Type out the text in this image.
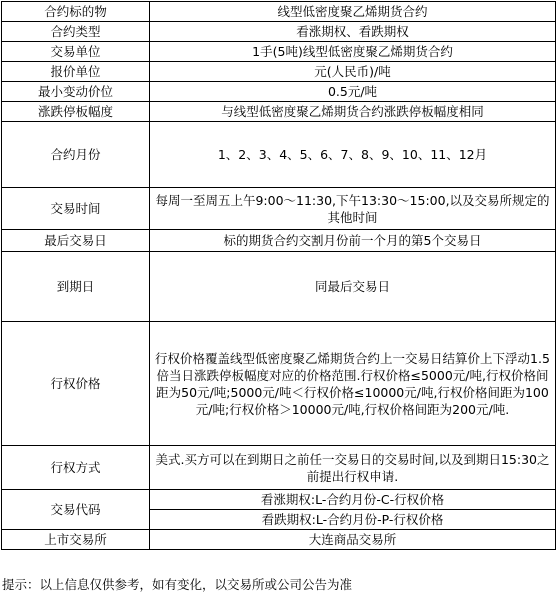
合约标的物	线型低密度聚乙烯期货合约
合约类型	看涨期权、看跌期权
交易单位	1手(5吨)线型低密度聚乙烯期货合约
报价单位	元(人民币)/吨
最小变动价位	0.5元/吨
涨跌停板幅度	与线型低密度聚乙烯期货合约涨跌停板幅度相同
合约月份	1、2、3、4、5、6、7、8、9、10、11、12月
交易时间	每周一至周五上午9:00～11:30,下午13:30～15:00,以及交易所规定的其他时间
最后交易日	标的期货合约交割月份前一个月的第5个交易日
到期日	同最后交易日
行权价格	行权价格覆盖线型低密度聚乙烯期货合约上一交易日结算价上下浮动1.5倍当日涨跌停板幅度对应的价格范围.行权价格≤5000元/吨,行权价格间距为50元/吨;5000元/吨＜行权价格≤10000元/吨,行权价格间距为100元/吨;行权价格＞10000元/吨,行权价格间距为200元/吨.
行权方式	美式.买方可以在到期日之前任一交易日的交易时间,以及到期日15:30之前提出行权申请.
交易代码	看涨期权:L-合约月份-C-行权价格
	看跌期权:L-合约月份-P-行权价格
上市交易所	大连商品交易所
提示：以上信息仅供参考，如有变化，以交易所或公司公告为准
